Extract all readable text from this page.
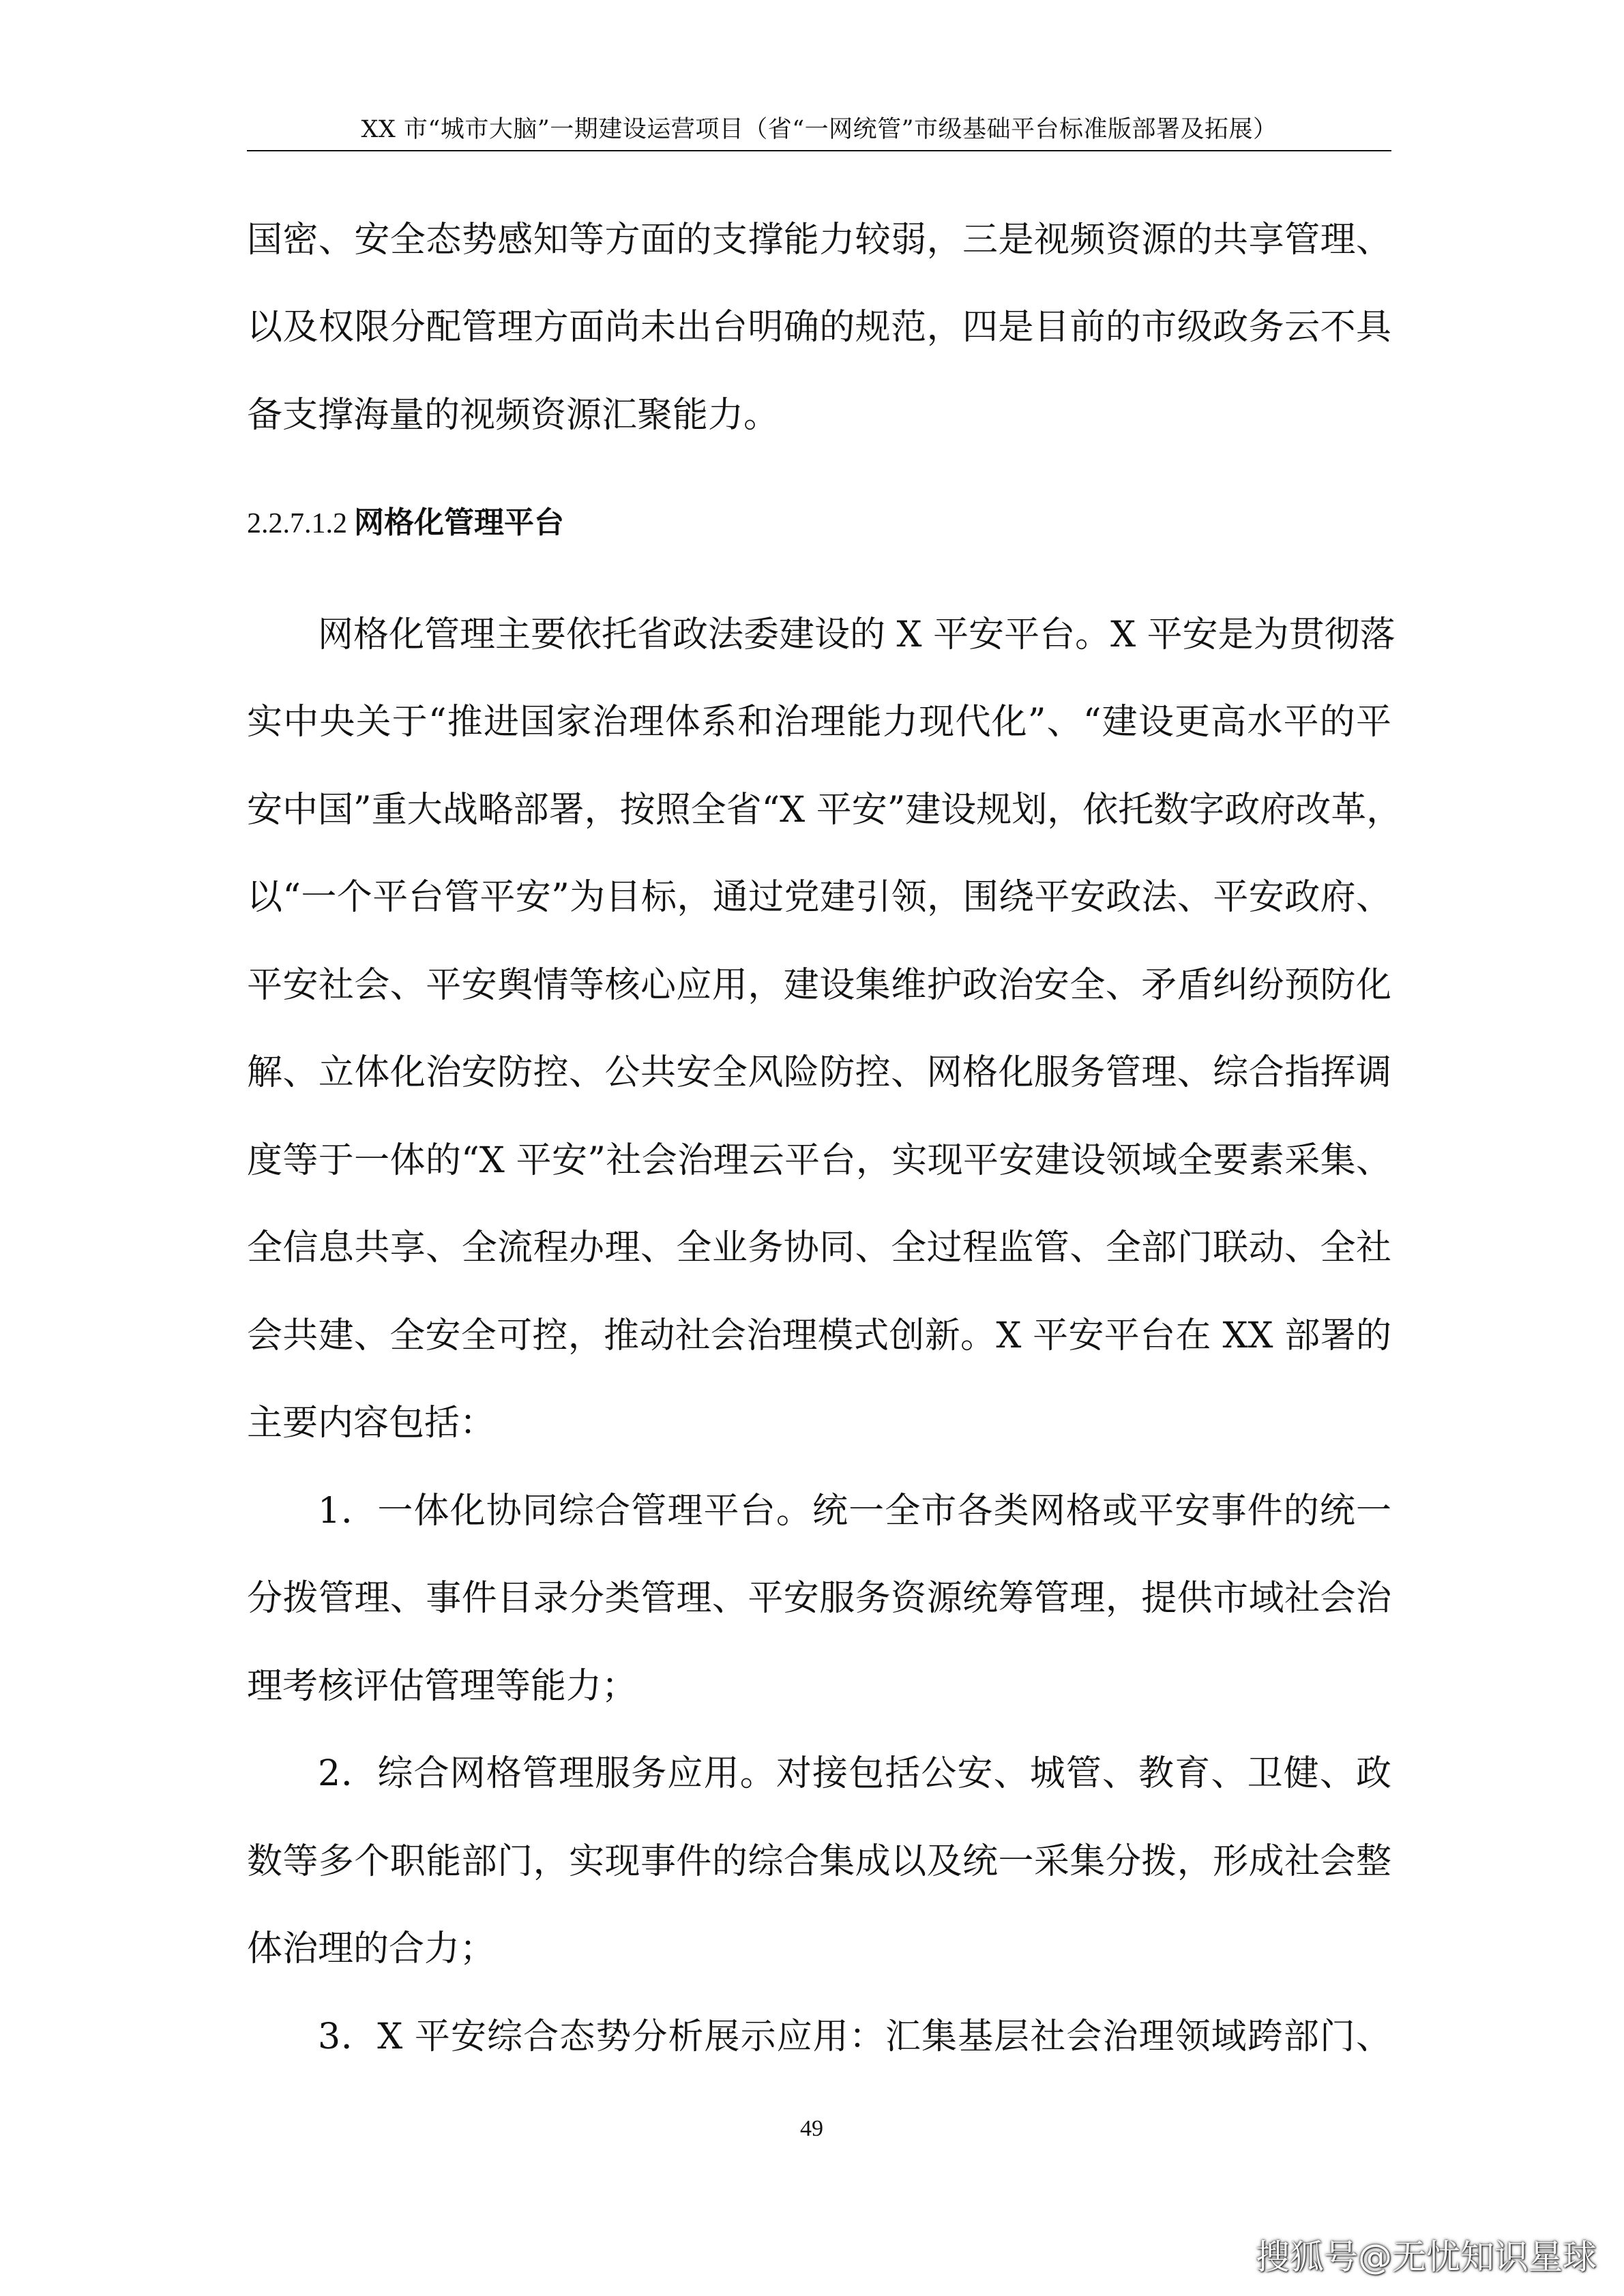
XX 市“城市大脑”一期建设运营项目（省“一网统管”市级基础平台标准版部署及拓展）
国密、安全态势感知等方面的支撑能力较弱，三是视频资源的共享管理、
以及权限分配管理方面尚未出台明确的规范，四是目前的市级政务云不具
备支撑海量的视频资源汇聚能力。
2.2.7.1.2 网格化管理平台
网格化管理主要依托省政法委建设的 X 平安平台。X 平安是为贯彻落
实中央关于“推进国家治理体系和治理能力现代化”、“建设更高水平的平
安中国”重大战略部署，按照全省“X 平安”建设规划，依托数字政府改革，
以“一个平台管平安”为目标，通过党建引领，围绕平安政法、平安政府、
平安社会、平安舆情等核心应用，建设集维护政治安全、矛盾纠纷预防化
解、立体化治安防控、公共安全风险防控、网格化服务管理、综合指挥调
度等于一体的“X 平安”社会治理云平台，实现平安建设领域全要素采集、
全信息共享、全流程办理、全业务协同、全过程监管、全部门联动、全社
会共建、全安全可控，推动社会治理模式创新。X 平安平台在 XX 部署的
主要内容包括：
1．一体化协同综合管理平台。统一全市各类网格或平安事件的统一
分拨管理、事件目录分类管理、平安服务资源统筹管理，提供市域社会治
理考核评估管理等能力；
2．综合网格管理服务应用。对接包括公安、城管、教育、卫健、政
数等多个职能部门，实现事件的综合集成以及统一采集分拨，形成社会整
体治理的合力；
3．X 平安综合态势分析展示应用：汇集基层社会治理领域跨部门、
49
搜狐号@无忧知识星球
